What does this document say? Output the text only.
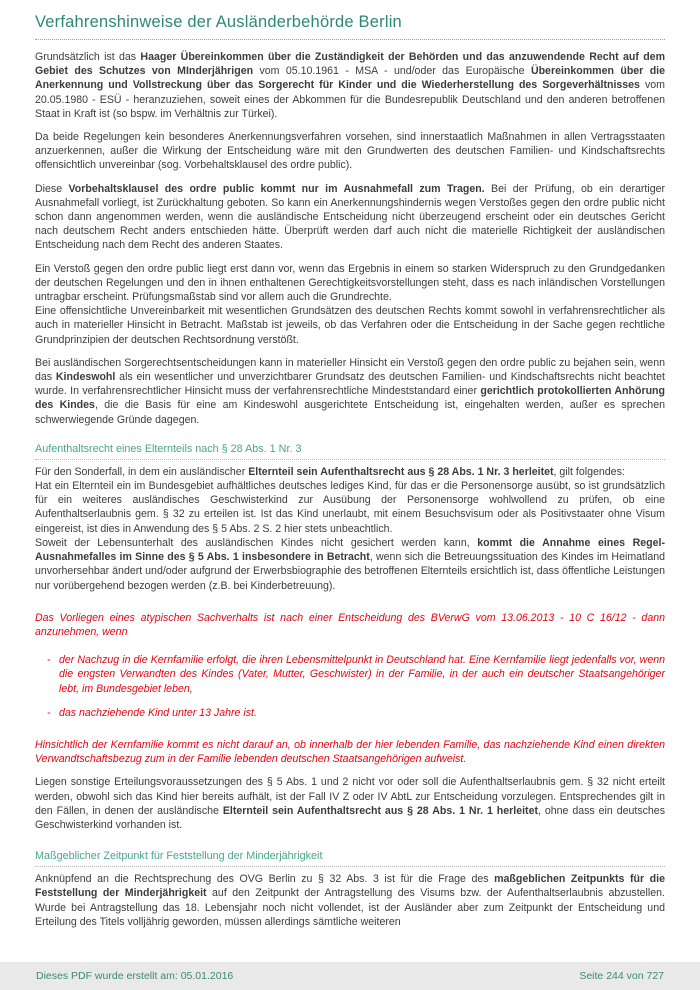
Verfahrenshinweise der Ausländerbehörde Berlin
Grundsätzlich ist das Haager Übereinkommen über die Zuständigkeit der Behörden und das anzuwendende Recht auf dem Gebiet des Schutzes von MInderjährigen vom 05.10.1961 - MSA - und/oder das Europäische Übereinkommen über die Anerkennung und Vollstreckung über das Sorgerecht für Kinder und die Wiederherstellung des Sorgeverhältnisses vom 20.05.1980 - ESÜ - heranzuziehen, soweit eines der Abkommen für die Bundesrepublik Deutschland und den anderen betroffenen Staat in Kraft ist (so bspw. im Verhältnis zur Türkei).
Da beide Regelungen kein besonderes Anerkennungsverfahren vorsehen, sind innerstaatlich Maßnahmen in allen Vertragsstaaten anzuerkennen, außer die Wirkung der Entscheidung wäre mit den Grundwerten des deutschen Familien- und Kindschaftsrechts offensichtlich unvereinbar (sog. Vorbehaltsklausel des ordre public).
Diese Vorbehaltsklausel des ordre public kommt nur im Ausnahmefall zum Tragen. Bei der Prüfung, ob ein derartiger Ausnahmefall vorliegt, ist Zurückhaltung geboten. So kann ein Anerkennungshindernis wegen Verstoßes gegen den ordre public nicht schon dann angenommen werden, wenn die ausländische Entscheidung nicht überzeugend erscheint oder ein deutsches Gericht nach deutschem Recht anders entschieden hätte. Überprüft werden darf auch nicht die materielle Richtigkeit der ausländischen Entscheidung nach dem Recht des anderen Staates.
Ein Verstoß gegen den ordre public liegt erst dann vor, wenn das Ergebnis in einem so starken Widerspruch zu den Grundgedanken der deutschen Regelungen und den in ihnen enthaltenen Gerechtigkeitsvorstellungen steht, dass es nach inländischen Vorstellungen untragbar erscheint. Prüfungsmaßstab sind vor allem auch die Grundrechte.
Eine offensichtliche Unvereinbarkeit mit wesentlichen Grundsätzen des deutschen Rechts kommt sowohl in verfahrensrechtlicher als auch in materieller Hinsicht in Betracht. Maßstab ist jeweils, ob das Verfahren oder die Entscheidung in der Sache gegen rechtliche Grundprinzipien der deutschen Rechtsordnung verstößt.
Bei ausländischen Sorgerechtsentscheidungen kann in materieller Hinsicht ein Verstoß gegen den ordre public zu bejahen sein, wenn das Kindeswohl als ein wesentlicher und unverzichtbarer Grundsatz des deutschen Familien- und Kindschaftsrechts nicht beachtet wurde. In verfahrensrechtlicher Hinsicht muss der verfahrensrechtliche Mindeststandard einer gerichtlich protokollierten Anhörung des Kindes, die die Basis für eine am Kindeswohl ausgerichtete Entscheidung ist, eingehalten werden, außer es sprechen schwerwiegende Gründe dagegen.
Aufenthaltsrecht eines Elternteils nach § 28 Abs. 1 Nr. 3
Für den Sonderfall, in dem ein ausländischer Elternteil sein Aufenthaltsrecht aus § 28 Abs. 1 Nr. 3 herleitet, gilt folgendes:
Hat ein Elternteil ein im Bundesgebiet aufhältliches deutsches lediges Kind, für das er die Personensorge ausübt, so ist grundsätzlich für ein weiteres ausländisches Geschwisterkind zur Ausübung der Personensorge wohlwollend zu prüfen, ob eine Aufenthaltserlaubnis gem. § 32 zu erteilen ist. Ist das Kind unerlaubt, mit einem Besuchsvisum oder als Positivstaater ohne Visum eingereist, ist dies in Anwendung des § 5 Abs. 2 S. 2 hier stets unbeachtlich.
Soweit der Lebensunterhalt des ausländischen Kindes nicht gesichert werden kann, kommt die Annahme eines Regel-Ausnahmefalles im Sinne des § 5 Abs. 1 insbesondere in Betracht, wenn sich die Betreuungssituation des Kindes im Heimatland unvorhersehbar ändert und/oder aufgrund der Erwerbsbiographie des betroffenen Elternteils ersichtlich ist, dass öffentliche Leistungen nur vorübergehend bezogen werden (z.B. bei Kinderbetreuung).
Das Vorliegen eines atypischen Sachverhalts ist nach einer Entscheidung des BVerwG vom 13.06.2013 - 10 C 16/12 - dann anzunehmen, wenn
- der Nachzug in die Kernfamilie erfolgt, die ihren Lebensmittelpunkt in Deutschland hat. Eine Kernfamilie liegt jedenfalls vor, wenn die engsten Verwandten des Kindes (Vater, Mutter, Geschwister) in der Familie, in der auch ein deutscher Staatsangehöriger lebt, im Bundesgebiet leben,
- das nachziehende Kind unter 13 Jahre ist.
Hinsichtlich der Kernfamilie kommt es nicht darauf an, ob innerhalb der hier lebenden Familie, das nachziehende Kind einen direkten Verwandtschaftsbezug zum in der Familie lebenden deutschen Staatsangehörigen aufweist.
Liegen sonstige Erteilungsvoraussetzungen des § 5 Abs. 1 und 2 nicht vor oder soll die Aufenthaltserlaubnis gem. § 32 nicht erteilt werden, obwohl sich das Kind hier bereits aufhält, ist der Fall IV Z oder IV AbtL zur Entscheidung vorzulegen. Entsprechendes gilt in den Fällen, in denen der ausländische Elternteil sein Aufenthaltsrecht aus § 28 Abs. 1 Nr. 1 herleitet, ohne dass ein deutsches Geschwisterkind vorhanden ist.
Maßgeblicher Zeitpunkt für Feststellung der Minderjährigkeit
Anknüpfend an die Rechtsprechung des OVG Berlin zu § 32 Abs. 3 ist für die Frage des maßgeblichen Zeitpunkts für die Feststellung der Minderjährigkeit auf den Zeitpunkt der Antragstellung des Visums bzw. der Aufenthaltserlaubnis abzustellen. Wurde bei Antragstellung das 18. Lebensjahr noch nicht vollendet, ist der Ausländer aber zum Zeitpunkt der Entscheidung und Erteilung des Titels volljährig geworden, müssen allerdings sämtliche weiteren
Dieses PDF wurde erstellt am: 05.01.2016	Seite 244 von 727
